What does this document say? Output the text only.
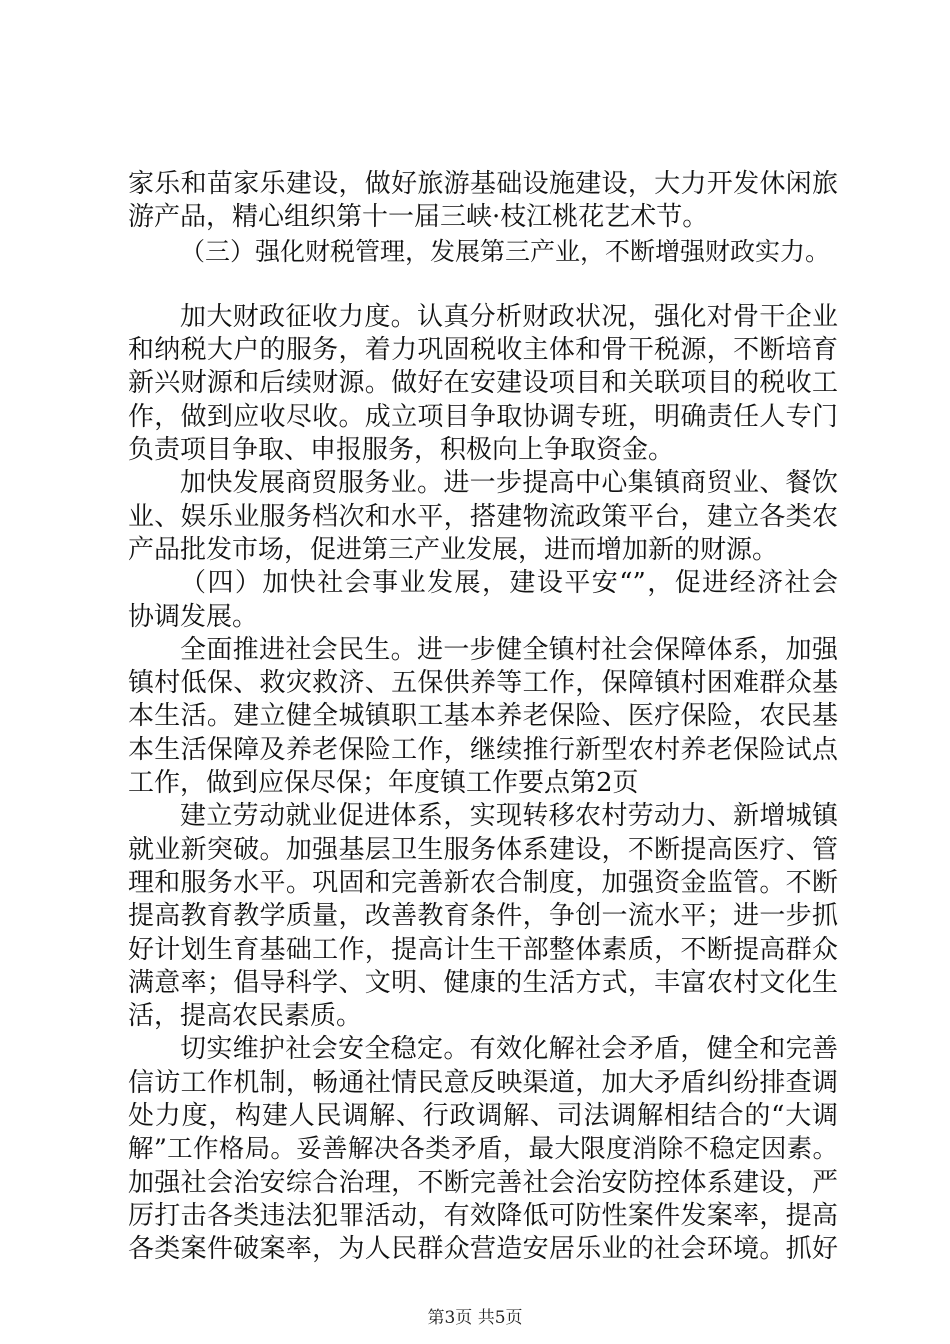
家乐和苗家乐建设，做好旅游基础设施建设，大力开发休闲旅
游产品，精心组织第十一届三峡·枝江桃花艺术节。
（三）强化财税管理，发展第三产业，不断增强财政实力。
加大财政征收力度。认真分析财政状况，强化对骨干企业
和纳税大户的服务，着力巩固税收主体和骨干税源，不断培育
新兴财源和后续财源。做好在安建设项目和关联项目的税收工
作，做到应收尽收。成立项目争取协调专班，明确责任人专门
负责项目争取、申报服务，积极向上争取资金。
加快发展商贸服务业。进一步提高中心集镇商贸业、餐饮
业、娱乐业服务档次和水平，搭建物流政策平台，建立各类农
产品批发市场，促进第三产业发展，进而增加新的财源。
（四）加快社会事业发展，建设平安“”，促进经济社会
协调发展。
全面推进社会民生。进一步健全镇村社会保障体系，加强
镇村低保、救灾救济、五保供养等工作，保障镇村困难群众基
本生活。建立健全城镇职工基本养老保险、医疗保险，农民基
本生活保障及养老保险工作，继续推行新型农村养老保险试点
工作，做到应保尽保；年度镇工作要点第2页
建立劳动就业促进体系，实现转移农村劳动力、新增城镇
就业新突破。加强基层卫生服务体系建设，不断提高医疗、管
理和服务水平。巩固和完善新农合制度，加强资金监管。不断
提高教育教学质量，改善教育条件，争创一流水平；进一步抓
好计划生育基础工作，提高计生干部整体素质，不断提高群众
满意率；倡导科学、文明、健康的生活方式，丰富农村文化生
活，提高农民素质。
切实维护社会安全稳定。有效化解社会矛盾，健全和完善
信访工作机制，畅通社情民意反映渠道，加大矛盾纠纷排查调
处力度，构建人民调解、行政调解、司法调解相结合的“大调
解”工作格局。妥善解决各类矛盾，最大限度消除不稳定因素。
加强社会治安综合治理，不断完善社会治安防控体系建设，严
厉打击各类违法犯罪活动，有效降低可防性案件发案率，提高
各类案件破案率，为人民群众营造安居乐业的社会环境。抓好
第3页 共5页
